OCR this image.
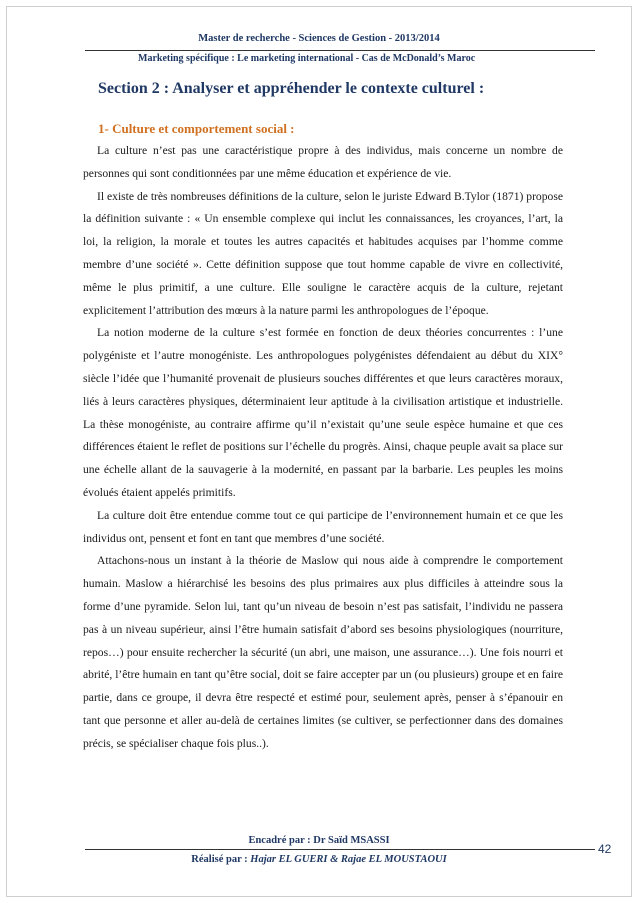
Master de recherche - Sciences de Gestion - 2013/2014
Marketing spécifique : Le marketing international - Cas de McDonald’s Maroc
Section 2 : Analyser et appréhender le contexte culturel :
1- Culture et comportement social :

La culture n’est pas une caractéristique propre à des individus, mais concerne un nombre de personnes qui sont conditionnées par une même éducation et expérience de vie.

Il existe de très nombreuses définitions de la culture, selon le juriste Edward B.Tylor (1871) propose la définition suivante : « Un ensemble complexe qui inclut les connaissances, les croyances, l’art, la loi, la religion, la morale et toutes les autres capacités et habitudes acquises par l’homme comme membre d’une société ». Cette définition suppose que tout homme capable de vivre en collectivité, même le plus primitif, a une culture. Elle souligne le caractère acquis de la culture, rejetant explicitement l’attribution des mœurs à la nature parmi les anthropologues de l’époque.

La notion moderne de la culture s’est formée en fonction de deux théories concurrentes : l’une polygéniste et l’autre monogéniste. Les anthropologues polygénistes défendaient au début du XIX° siècle l’idée que l’humanité provenait de plusieurs souches différentes et que leurs caractères moraux, liés à leurs caractères physiques, déterminaient leur aptitude à la civilisation artistique et industrielle. La thèse monogéniste, au contraire affirme qu’il n’existait qu’une seule espèce humaine et que ces différences étaient le reflet de positions sur l’échelle du progrès. Ainsi, chaque peuple avait sa place sur une échelle allant de la sauvagerie à la modernité, en passant par la barbarie. Les peuples les moins évolués étaient appelés primitifs.

La culture doit être entendue comme tout ce qui participe de l’environnement humain et ce que les individus ont, pensent et font en tant que membres d’une société.

Attachons-nous un instant à la théorie de Maslow qui nous aide à comprendre le comportement humain. Maslow a hiérarchisé les besoins des plus primaires aux plus difficiles à atteindre sous la forme d’une pyramide. Selon lui, tant qu’un niveau de besoin n’est pas satisfait, l’individu ne passera pas à un niveau supérieur, ainsi l’être humain satisfait d’abord ses besoins physiologiques (nourriture, repos…) pour ensuite rechercher la sécurité (un abri, une maison, une assurance…). Une fois nourri et abrité, l’être humain en tant qu’être social, doit se faire accepter par un (ou plusieurs) groupe et en faire partie, dans ce groupe, il devra être respecté et estimé pour, seulement après, penser à s’épanouir en tant que personne et aller au-delà de certaines limites (se cultiver, se perfectionner dans des domaines précis, se spécialiser chaque fois plus..).

Encadré par : Dr Saïd MSASSI
Réalisé par : Hajar EL GUERI & Rajae EL MOUSTAOUI
42
